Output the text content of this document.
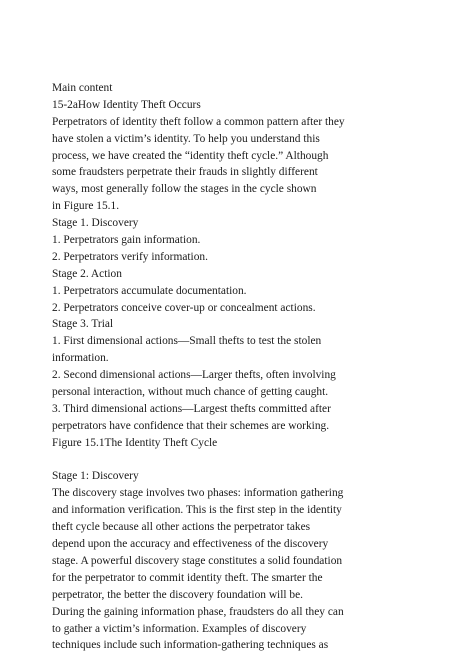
Main content
15-2aHow Identity Theft Occurs
Perpetrators of identity theft follow a common pattern after they
have stolen a victim’s identity. To help you understand this
process, we have created the “identity theft cycle.” Although
some fraudsters perpetrate their frauds in slightly different
ways, most generally follow the stages in the cycle shown
in Figure 15.1.
Stage 1. Discovery
1. Perpetrators gain information.
2. Perpetrators verify information.
Stage 2. Action
1. Perpetrators accumulate documentation.
2. Perpetrators conceive cover-up or concealment actions.
Stage 3. Trial
1. First dimensional actions—Small thefts to test the stolen
information.
2. Second dimensional actions—Larger thefts, often involving
personal interaction, without much chance of getting caught.
3. Third dimensional actions—Largest thefts committed after
perpetrators have confidence that their schemes are working.
Figure 15.1The Identity Theft Cycle
Stage 1: Discovery
The discovery stage involves two phases: information gathering
and information verification. This is the first step in the identity
theft cycle because all other actions the perpetrator takes
depend upon the accuracy and effectiveness of the discovery
stage. A powerful discovery stage constitutes a solid foundation
for the perpetrator to commit identity theft. The smarter the
perpetrator, the better the discovery foundation will be.
During the gaining information phase, fraudsters do all they can
to gather a victim’s information. Examples of discovery
techniques include such information-gathering techniques as
